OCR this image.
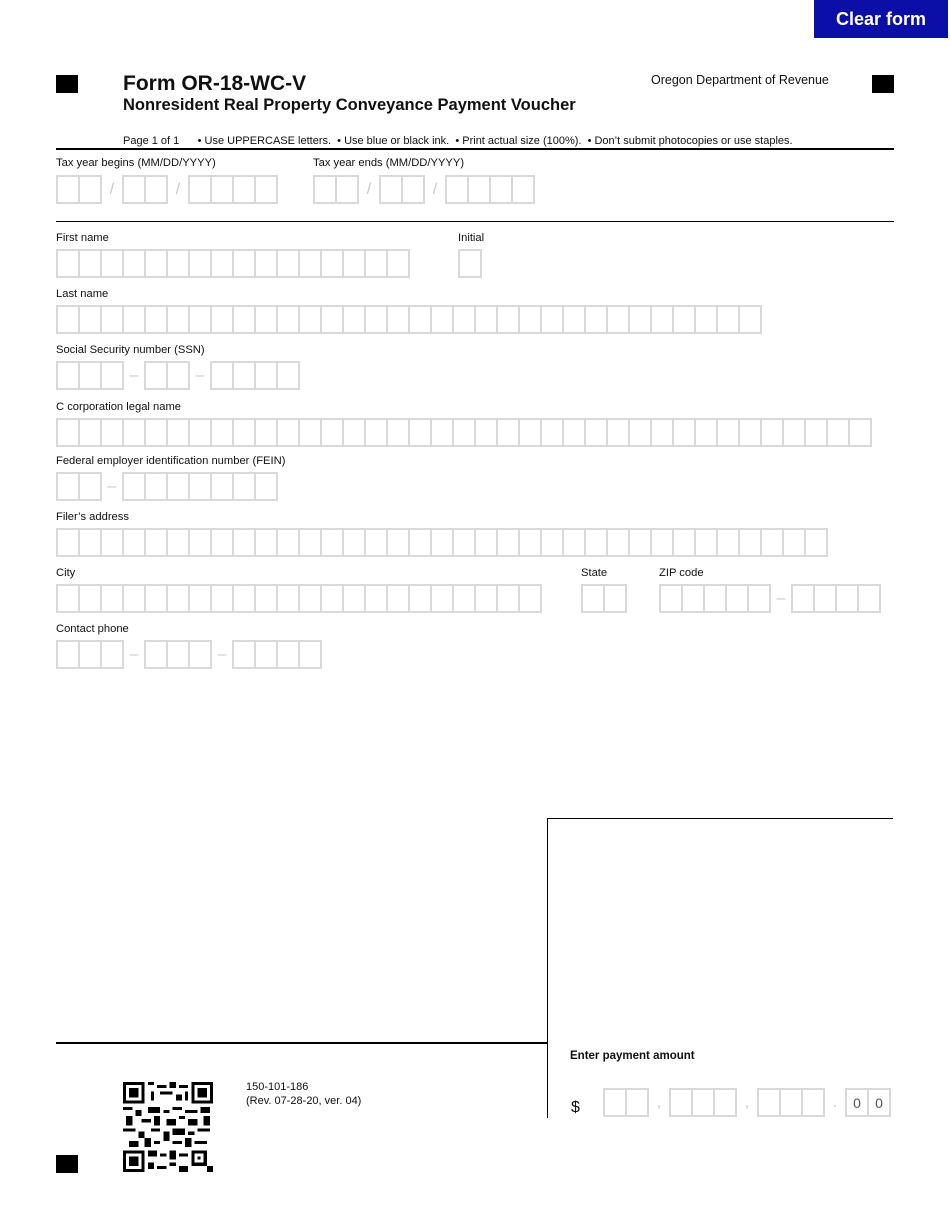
Clear form
Form OR-18-WC-V
Nonresident Real Property Conveyance Payment Voucher
Oregon Department of Revenue
Page 1 of 1      • Use UPPERCASE letters.  • Use blue or black ink.  • Print actual size (100%).  • Don’t submit photocopies or use staples.
Tax year begins (MM/DD/YYYY)
/	/
Tax year ends (MM/DD/YYYY)
/	/
First name	Initial
Last name
Social Security number (SSN)
–	–
C corporation legal name
Federal employer identification number (FEIN)
–
Filer’s address
City	State	ZIP code
–
Contact phone
–	–
Enter payment amount
$	,	,	.	0	0
150-101-186
(Rev. 07-28-20, ver. 04)
